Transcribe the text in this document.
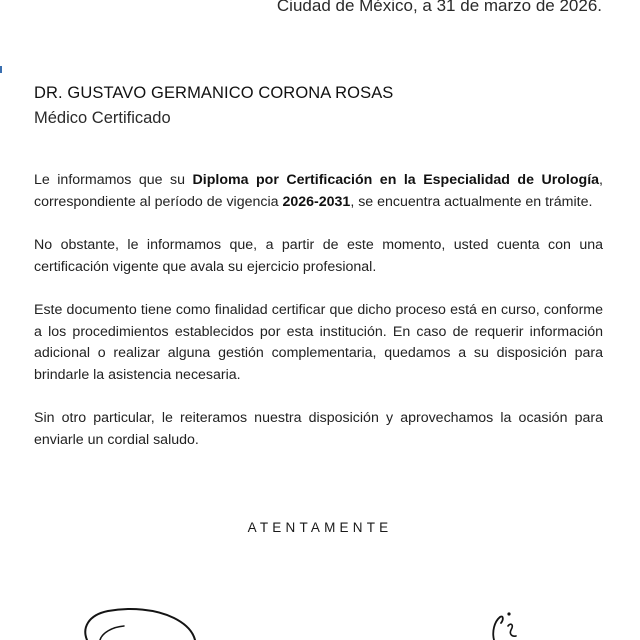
Ciudad de México, a 31 de marzo de 2026.

DR. GUSTAVO GERMANICO CORONA ROSAS

Médico Certificado

Le informamos que su Diploma por Certificación en la Especialidad de Urología, correspondiente al período de vigencia 2026-2031, se encuentra actualmente en trámite.

No obstante, le informamos que, a partir de este momento, usted cuenta con una certificación vigente que avala su ejercicio profesional.

Este documento tiene como finalidad certificar que dicho proceso está en curso, conforme a los procedimientos establecidos por esta institución. En caso de requerir información adicional o realizar alguna gestión complementaria, quedamos a su disposición para brindarle la asistencia necesaria.

Sin otro particular, le reiteramos nuestra disposición y aprovechamos la ocasión para enviarle un cordial saludo.

ATENTAMENTE
